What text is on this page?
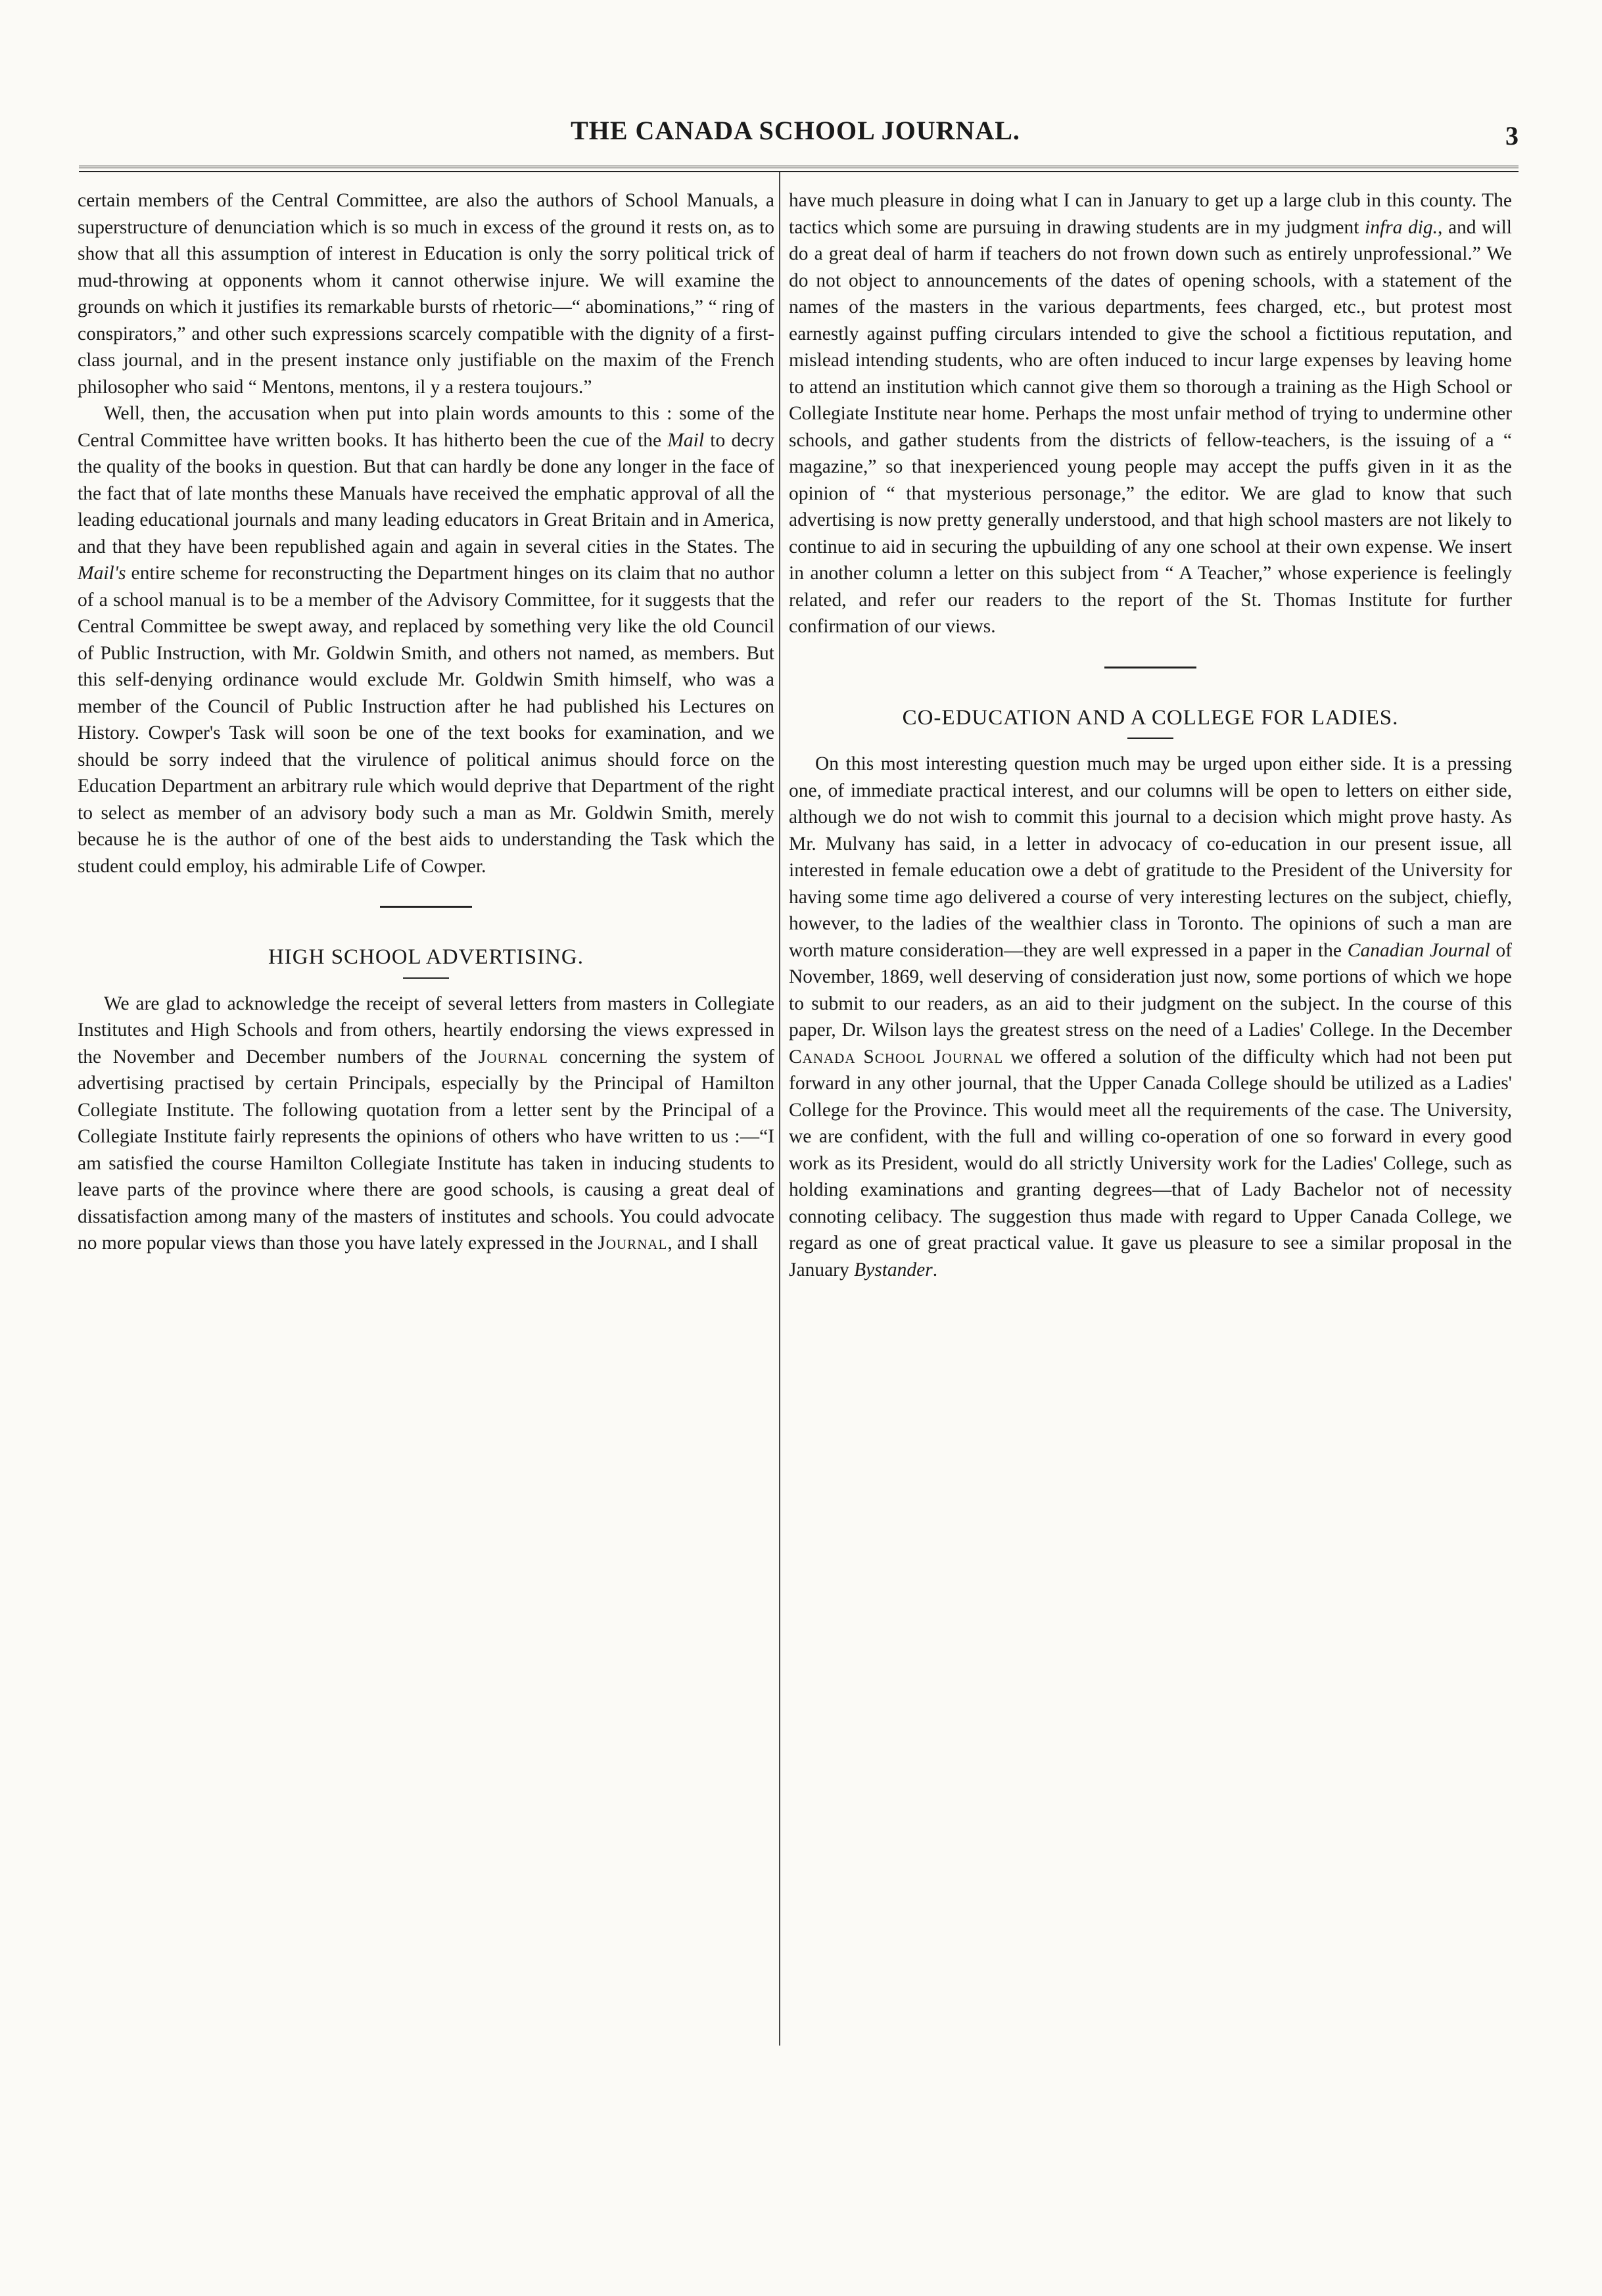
THE CANADA SCHOOL JOURNAL.	3

certain members of the Central Committee, are also the authors of School Manuals, a superstructure of denunciation which is so much in excess of the ground it rests on, as to show that all this assumption of interest in Education is only the sorry political trick of mud-throwing at opponents whom it cannot otherwise injure. We will examine the grounds on which it justifies its remarkable bursts of rhetoric—“ abominations,” “ ring of conspirators,” and other such expressions scarcely compatible with the dignity of a first-class journal, and in the present instance only justifiable on the maxim of the French philosopher who said “ Mentons, mentons, il y a restera toujours.”

Well, then, the accusation when put into plain words amounts to this : some of the Central Committee have written books. It has hitherto been the cue of the Mail to decry the quality of the books in question. But that can hardly be done any longer in the face of the fact that of late months these Manuals have received the emphatic approval of all the leading educational journals and many leading educators in Great Britain and in America, and that they have been republished again and again in several cities in the States. The Mail's entire scheme for reconstructing the Department hinges on its claim that no author of a school manual is to be a member of the Advisory Committee, for it suggests that the Central Committee be swept away, and replaced by something very like the old Council of Public Instruction, with Mr. Goldwin Smith, and others not named, as members. But this self-denying ordinance would exclude Mr. Goldwin Smith himself, who was a member of the Council of Public Instruction after he had published his Lectures on History. Cowper's Task will soon be one of the text books for examination, and we should be sorry indeed that the virulence of political animus should force on the Education Department an arbitrary rule which would deprive that Department of the right to select as member of an advisory body such a man as Mr. Goldwin Smith, merely because he is the author of one of the best aids to understanding the Task which the student could employ, his admirable Life of Cowper.

HIGH SCHOOL ADVERTISING.

We are glad to acknowledge the receipt of several letters from masters in Collegiate Institutes and High Schools and from others, heartily endorsing the views expressed in the November and December numbers of the Journal concerning the system of advertising practised by certain Principals, especially by the Principal of Hamilton Collegiate Institute. The following quotation from a letter sent by the Principal of a Collegiate Institute fairly represents the opinions of others who have written to us :—“I am satisfied the course Hamilton Collegiate Institute has taken in inducing students to leave parts of the province where there are good schools, is causing a great deal of dissatisfaction among many of the masters of institutes and schools. You could advocate no more popular views than those you have lately expressed in the Journal, and I shall

have much pleasure in doing what I can in January to get up a large club in this county. The tactics which some are pursuing in drawing students are in my judgment infra dig., and will do a great deal of harm if teachers do not frown down such as entirely unprofessional.” We do not object to announcements of the dates of opening schools, with a statement of the names of the masters in the various departments, fees charged, etc., but protest most earnestly against puffing circulars intended to give the school a fictitious reputation, and mislead intending students, who are often induced to incur large expenses by leaving home to attend an institution which cannot give them so thorough a training as the High School or Collegiate Institute near home. Perhaps the most unfair method of trying to undermine other schools, and gather students from the districts of fellow-teachers, is the issuing of a “ magazine,” so that inexperienced young people may accept the puffs given in it as the opinion of “ that mysterious personage,” the editor. We are glad to know that such advertising is now pretty generally understood, and that high school masters are not likely to continue to aid in securing the upbuilding of any one school at their own expense. We insert in another column a letter on this subject from “ A Teacher,” whose experience is feelingly related, and refer our readers to the report of the St. Thomas Institute for further confirmation of our views.

CO-EDUCATION AND A COLLEGE FOR LADIES.

On this most interesting question much may be urged upon either side. It is a pressing one, of immediate practical interest, and our columns will be open to letters on either side, although we do not wish to commit this journal to a decision which might prove hasty. As Mr. Mulvany has said, in a letter in advocacy of co-education in our present issue, all interested in female education owe a debt of gratitude to the President of the University for having some time ago delivered a course of very interesting lectures on the subject, chiefly, however, to the ladies of the wealthier class in Toronto. The opinions of such a man are worth mature consideration—they are well expressed in a paper in the Canadian Journal of November, 1869, well deserving of consideration just now, some portions of which we hope to submit to our readers, as an aid to their judgment on the subject. In the course of this paper, Dr. Wilson lays the greatest stress on the need of a Ladies' College. In the December Canada School Journal we offered a solution of the difficulty which had not been put forward in any other journal, that the Upper Canada College should be utilized as a Ladies' College for the Province. This would meet all the requirements of the case. The University, we are confident, with the full and willing co-operation of one so forward in every good work as its President, would do all strictly University work for the Ladies' College, such as holding examinations and granting degrees—that of Lady Bachelor not of necessity connoting celibacy. The suggestion thus made with regard to Upper Canada College, we regard as one of great practical value. It gave us pleasure to see a similar proposal in the January Bystander.
